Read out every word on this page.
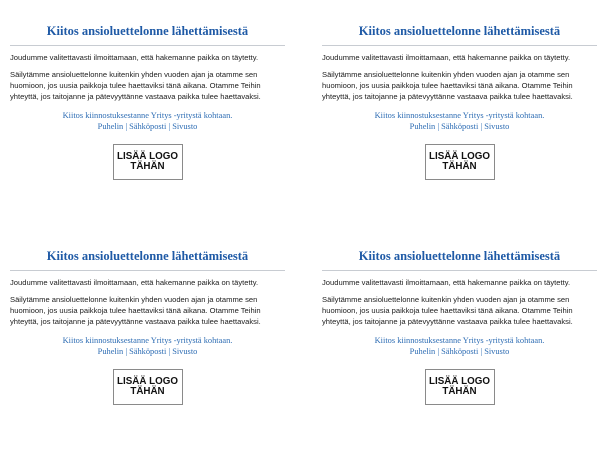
Kiitos ansioluettelonne lähettämisestä

Joudumme valitettavasti ilmoittamaan, että hakemanne paikka on täytetty.

Säilytämme ansioluettelonne kuitenkin yhden vuoden ajan ja otamme sen huomioon, jos uusia paikkoja tulee haettaviksi tänä aikana. Otamme Teihin yhteyttä, jos taitojanne ja pätevyyttänne vastaava paikka tulee haettavaksi.

Kiitos kiinnostuksestanne Yritys -yritystä kohtaan.
Puhelin | Sähköposti | Sivusto
LISÄÄ LOGO
TÄHÄN
Kiitos ansioluettelonne lähettämisestä

Joudumme valitettavasti ilmoittamaan, että hakemanne paikka on täytetty.

Säilytämme ansioluettelonne kuitenkin yhden vuoden ajan ja otamme sen huomioon, jos uusia paikkoja tulee haettaviksi tänä aikana. Otamme Teihin yhteyttä, jos taitojanne ja pätevyyttänne vastaava paikka tulee haettavaksi.

Kiitos kiinnostuksestanne Yritys -yritystä kohtaan.
Puhelin | Sähköposti | Sivusto
LISÄÄ LOGO
TÄHÄN
Kiitos ansioluettelonne lähettämisestä

Joudumme valitettavasti ilmoittamaan, että hakemanne paikka on täytetty.

Säilytämme ansioluettelonne kuitenkin yhden vuoden ajan ja otamme sen huomioon, jos uusia paikkoja tulee haettaviksi tänä aikana. Otamme Teihin yhteyttä, jos taitojanne ja pätevyyttänne vastaava paikka tulee haettavaksi.

Kiitos kiinnostuksestanne Yritys -yritystä kohtaan.
Puhelin | Sähköposti | Sivusto
LISÄÄ LOGO
TÄHÄN
Kiitos ansioluettelonne lähettämisestä

Joudumme valitettavasti ilmoittamaan, että hakemanne paikka on täytetty.

Säilytämme ansioluettelonne kuitenkin yhden vuoden ajan ja otamme sen huomioon, jos uusia paikkoja tulee haettaviksi tänä aikana. Otamme Teihin yhteyttä, jos taitojanne ja pätevyyttänne vastaava paikka tulee haettavaksi.

Kiitos kiinnostuksestanne Yritys -yritystä kohtaan.
Puhelin | Sähköposti | Sivusto
LISÄÄ LOGO
TÄHÄN
